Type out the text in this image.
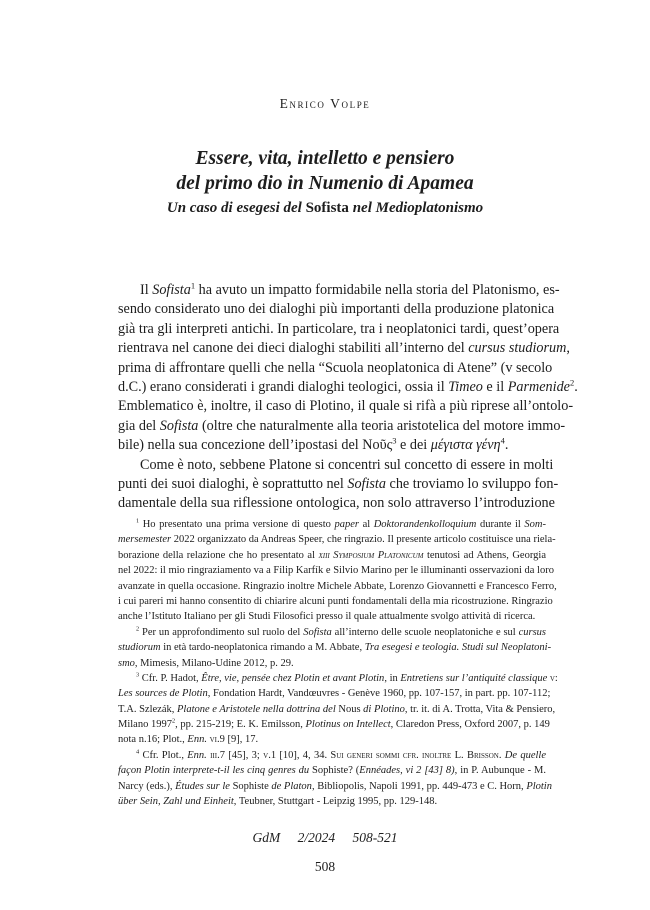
Enrico Volpe
Essere, vita, intelletto e pensiero
del primo dio in Numenio di Apamea
Un caso di esegesi del Sofista nel Medioplatonismo

Il Sofista$^1$ ha avuto un impatto formidabile nella storia del Platonismo, es-

sendo considerato uno dei dialoghi più importanti della produzione platonica
già tra gli interpreti antichi. In particolare, tra i neoplatonici tardi, quest’opera
rientrava nel canone dei dieci dialoghi stabiliti all’interno del cursus studiorum,
prima di affrontare quelli che nella “Scuola neoplatonica di Atene” (v secolo
d.C.) erano considerati i grandi dialoghi teologici, ossia il Timeo e il Parmenide$^2$.
Emblematico è, inoltre, il caso di Plotino, il quale si rifà a più riprese all’ontolo-
gia del Sofista (oltre che naturalmente alla teoria aristotelica del motore immo-
bile) nella sua concezione dell’ipostasi del Νοῦς$^3$ e dei μέγιστα γένη$^4$.

Come è noto, sebbene Platone si concentri sul concetto di essere in molti

punti dei suoi dialoghi, è soprattutto nel Sofista che troviamo lo sviluppo fon-
damentale della sua riflessione ontologica, non solo attraverso l’introduzione
$^1$ Ho presentato una prima versione di questo paper al Doktorandenkolloquium durante il Som-
mersemester 2022 organizzato da Andreas Speer, che ringrazio. Il presente articolo costituisce una riela-
borazione della relazione che ho presentato al xiii Symposium Platonicum tenutosi ad Athens, Georgia
nel 2022: il mio ringraziamento va a Filip Karfík e Silvio Marino per le illuminanti osservazioni da loro
avanzate in quella occasione. Ringrazio inoltre Michele Abbate, Lorenzo Giovannetti e Francesco Ferro,
i cui pareri mi hanno consentito di chiarire alcuni punti fondamentali della mia ricostruzione. Ringrazio
anche l’Istituto Italiano per gli Studi Filosofici presso il quale attualmente svolgo attività di ricerca.
$^2$ Per un approfondimento sul ruolo del Sofista all’interno delle scuole neoplatoniche e sul cursus
studiorum in età tardo-neoplatonica rimando a M. Abbate, Tra esegesi e teologia. Studi sul Neoplatoni-
smo, Mimesis, Milano-Udine 2012, p. 29.
$^3$ Cfr. P. Hadot, Être, vie, pensée chez Plotin et avant Plotin, in Entretiens sur l’antiquité classique v:
Les sources de Plotin, Fondation Hardt, Vandœuvres - Genève 1960, pp. 107-157, in part. pp. 107-112;
T.A. Szlezák, Platone e Aristotele nella dottrina del Nous di Plotino, tr. it. di A. Trotta, Vita & Pensiero,
Milano 1997$^2$, pp. 215-219; E. K. Emilsson, Plotinus on Intellect, Claredon Press, Oxford 2007, p. 149
nota n.16; Plot., Enn. vi.9 [9], 17.
$^4$ Cfr. Plot., Enn. iii.7 [45], 3; v.1 [10], 4, 34. Sui generi sommi cfr. inoltre L. Brisson. De quelle
façon Plotin interprete-t-il les cinq genres du Sophiste? (Ennéades, vi 2 [43] 8), in P. Aubunque - M.
Narcy (eds.), Études sur le Sophiste de Platon, Bibliopolis, Napoli 1991, pp. 449-473 e C. Horn, Plotin
über Sein, Zahl und Einheit, Teubner, Stuttgart - Leipzig 1995, pp. 129-148.
GdM 2/2024 508-521
508
